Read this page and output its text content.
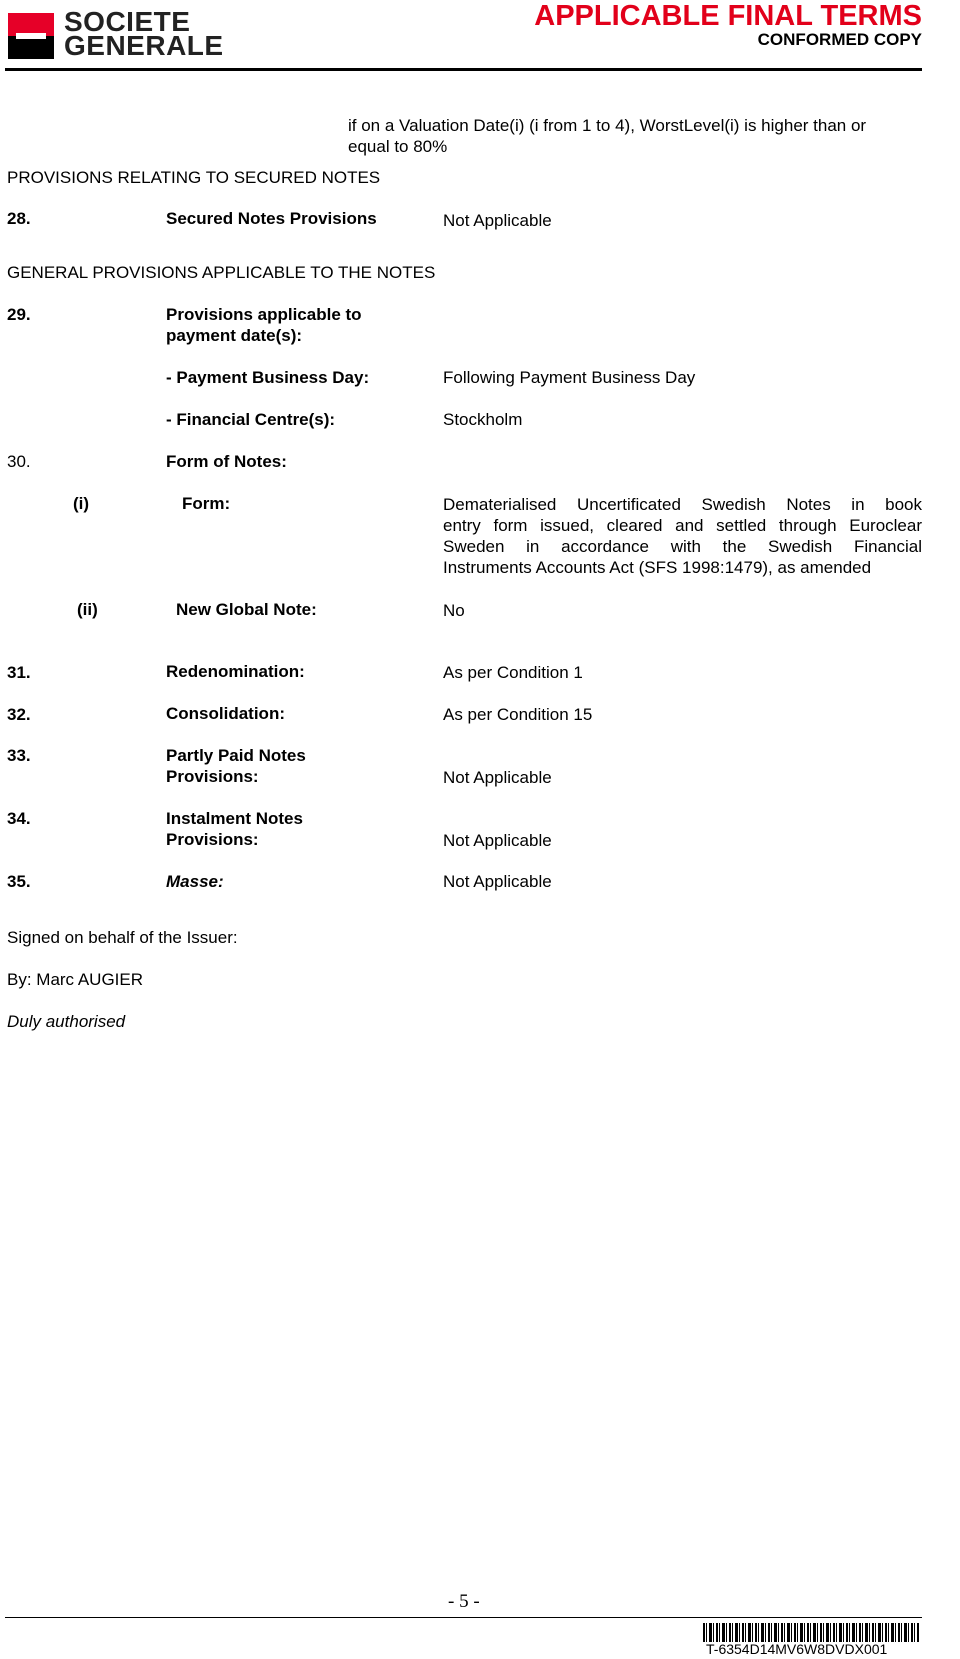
SOCIETE
GENERALE
APPLICABLE FINAL TERMS
CONFORMED COPY
if on a Valuation Date(i) (i from 1 to 4), WorstLevel(i) is higher than or
equal to 80%
PROVISIONS RELATING TO SECURED NOTES
28.	Secured Notes Provisions	Not Applicable
GENERAL PROVISIONS APPLICABLE TO THE NOTES
29.	Provisions applicable to
payment date(s):
- Payment Business Day:	Following Payment Business Day
- Financial Centre(s):	Stockholm
30.	Form of Notes:
(i)	Form:	Dematerialised Uncertificated Swedish Notes in book
entry form issued, cleared and settled through Euroclear
Sweden in accordance with the Swedish Financial
Instruments Accounts Act (SFS 1998:1479), as amended
(ii)	New Global Note:	No
31.	Redenomination:	As per Condition 1
32.	Consolidation:	As per Condition 15
33.	Partly Paid Notes
Provisions:	Not Applicable
34.	Instalment Notes
Provisions:	Not Applicable
35.	Masse:	Not Applicable
Signed on behalf of the Issuer:
By: Marc AUGIER
Duly authorised
- 5 -
T-6354D14MV6W8DVDX001
